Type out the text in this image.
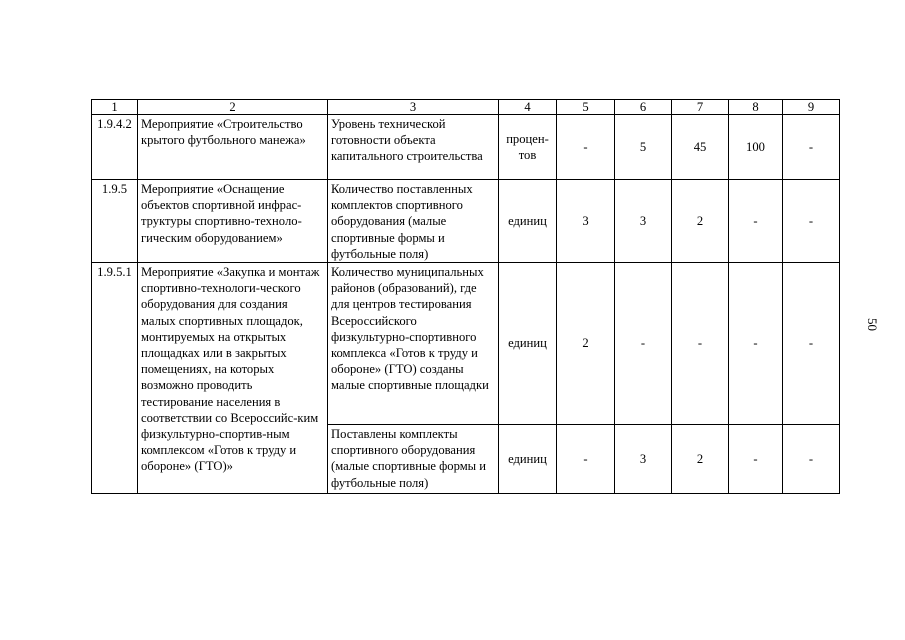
1	2	3	4	5	6	7	8	9
1.9.4.2	Мероприятие «Строительство крытого футбольного манежа»	Уровень технической готовности объекта капитального строительства	процен-тов	-	5	45	100	-
1.9.5	Мероприятие «Оснащение объектов спортивной инфрас-труктуры спортивно-технoло-гическим оборудованием»	Количество поставленных комплектов спортивного оборудования (малые спортивные формы и футбольные поля)	единиц	3	3	2	-	-
1.9.5.1	Мероприятие «Закупка и монтаж спортивно-технологи-ческого оборудования для создания малых спортивных площадок, монтируемых на открытых площадках или в закрытых помещениях, на которых возможно проводить тестирование населения в соответствии со Всероссийс-ким физкультурно-спортив-ным комплексом «Готов к труду и обороне» (ГТО)»	Количество муниципальных районов (образований), где для центров тестирования Всероссийского физкультурно-спортивного комплекса «Готов к труду и обороне» (ГТО) созданы малые спортивные площадки	единиц	2	-	-	-	-
		Поставлены комплекты спортивного оборудования (малые спортивные формы и футбольные поля)	единиц	-	3	2	-	-
50
